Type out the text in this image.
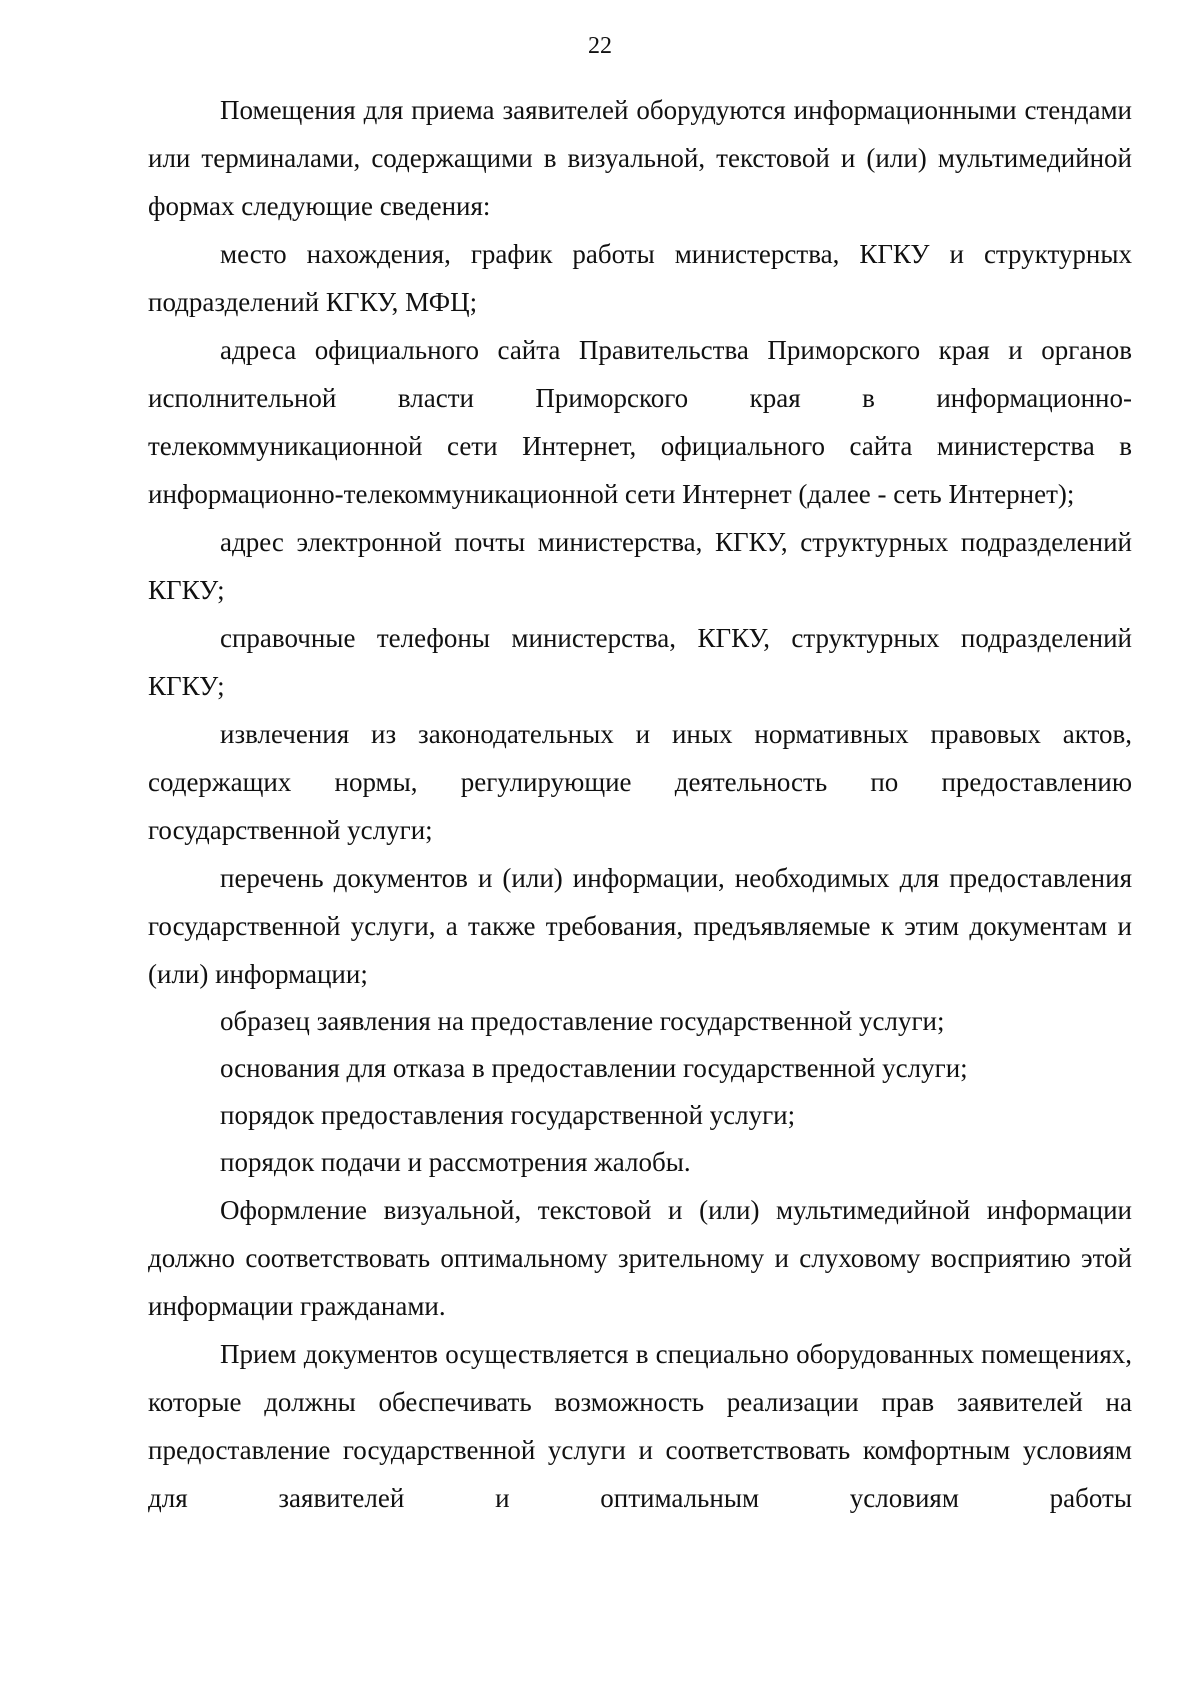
22

Помещения для приема заявителей оборудуются информационными стендами или терминалами, содержащими в визуальной, текстовой и (или) мультимедийной формах следующие сведения:

место нахождения, график работы министерства, КГКУ и структурных подразделений КГКУ, МФЦ;

адреса официального сайта Правительства Приморского края и органов исполнительной власти Приморского края в информационно-телекоммуникационной сети Интернет, официального сайта министерства в информационно-телекоммуникационной сети Интернет (далее - сеть Интернет);

адрес электронной почты министерства, КГКУ, структурных подразделений КГКУ;

справочные телефоны министерства, КГКУ, структурных подразделений КГКУ;

извлечения из законодательных и иных нормативных правовых актов, содержащих нормы, регулирующие деятельность по предоставлению государственной услуги;

перечень документов и (или) информации, необходимых для предоставления государственной услуги, а также требования, предъявляемые к этим документам и (или) информации;

образец заявления на предоставление государственной услуги;

основания для отказа в предоставлении государственной услуги;

порядок предоставления государственной услуги;

порядок подачи и рассмотрения жалобы.

Оформление визуальной, текстовой и (или) мультимедийной информации должно соответствовать оптимальному зрительному и слуховому восприятию этой информации гражданами.

Прием документов осуществляется в специально оборудованных помещениях, которые должны обеспечивать возможность реализации прав заявителей на предоставление государственной услуги и соответствовать комфортным условиям для заявителей и оптимальным условиям работы
